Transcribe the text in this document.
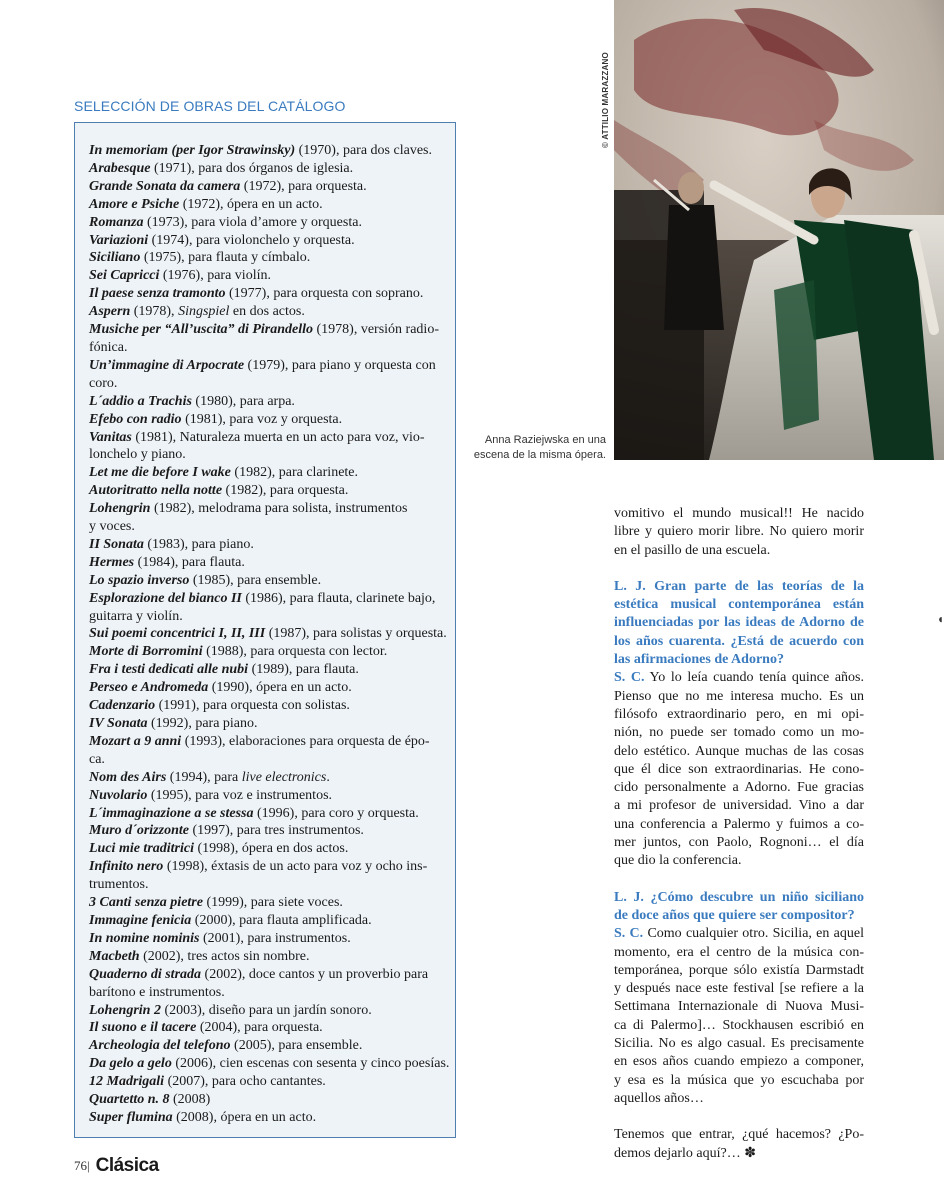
SELECCIÓN DE OBRAS DEL CATÁLOGO
In memoriam (per Igor Strawinsky) (1970), para dos claves.
Arabesque (1971), para dos órganos de iglesia.
Grande Sonata da camera (1972), para orquesta.
Amore e Psiche (1972), ópera en un acto.
Romanza (1973), para viola d’amore y orquesta.
Variazioni (1974), para violonchelo y orquesta.
Siciliano (1975), para flauta y címbalo.
Sei Capricci (1976), para violín.
Il paese senza tramonto (1977), para orquesta con soprano.
Aspern (1978), Singspiel en dos actos.
Musiche per “All’uscita” di Pirandello (1978), versión radio-
fónica.
Un’immagine di Arpocrate (1979), para piano y orquesta con
coro.
L´addio a Trachis (1980), para arpa.
Efebo con radio (1981), para voz y orquesta.
Vanitas (1981), Naturaleza muerta en un acto para voz, vio-
lonchelo y piano.
Let me die before I wake (1982), para clarinete.
Autoritratto nella notte (1982), para orquesta.
Lohengrin (1982), melodrama para solista, instrumentos
y voces.
II Sonata (1983), para piano.
Hermes (1984), para flauta.
Lo spazio inverso (1985), para ensemble.
Esplorazione del bianco II (1986), para flauta, clarinete bajo,
guitarra y violín.
Sui poemi concentrici I, II, III (1987), para solistas y orquesta.
Morte di Borromini (1988), para orquesta con lector.
Fra i testi dedicati alle nubi (1989), para flauta.
Perseo e Andromeda (1990), ópera en un acto.
Cadenzario (1991), para orquesta con solistas.
IV Sonata (1992), para piano.
Mozart a 9 anni (1993), elaboraciones para orquesta de épo-
ca.
Nom des Airs (1994), para live electronics.
Nuvolario (1995), para voz e instrumentos.
L´immaginazione a se stessa (1996), para coro y orquesta.
Muro d´orizzonte (1997), para tres instrumentos.
Luci mie traditrici (1998), ópera en dos actos.
Infinito nero (1998), éxtasis de un acto para voz y ocho ins-
trumentos.
3 Canti senza pietre (1999), para siete voces.
Immagine fenicia (2000), para flauta amplificada.
In nomine nominis (2001), para instrumentos.
Macbeth (2002), tres actos sin nombre.
Quaderno di strada (2002), doce cantos y un proverbio para
barítono e instrumentos.
Lohengrin 2 (2003), diseño para un jardín sonoro.
Il suono e il tacere (2004), para orquesta.
Archeologia del telefono (2005), para ensemble.
Da gelo a gelo (2006), cien escenas con sesenta y cinco poesías.
12 Madrigali (2007), para ocho cantantes.
Quartetto n. 8 (2008)
Super flumina (2008), ópera en un acto.
© ATTILIO MARAZZANO
Anna Raziejwska en una
escena de la misma ópera.
vomitivo el mundo musical!! He nacido
libre y quiero morir libre. No quiero morir
en el pasillo de una escuela.
L. J. Gran parte de las teorías de la
estética musical contemporánea están
influenciadas por las ideas de Adorno de
los años cuarenta. ¿Está de acuerdo con
las afirmaciones de Adorno?
S. C. Yo lo leía cuando tenía quince años.
Pienso que no me interesa mucho. Es un
filósofo extraordinario pero, en mi opi-
nión, no puede ser tomado como un mo-
delo estético. Aunque muchas de las cosas
que él dice son extraordinarias. He cono-
cido personalmente a Adorno. Fue gracias
a mi profesor de universidad. Vino a dar
una conferencia a Palermo y fuimos a co-
mer juntos, con Paolo, Rognoni… el día
que dio la conferencia.
L. J. ¿Cómo descubre un niño siciliano
de doce años que quiere ser compositor?
S. C. Como cualquier otro. Sicilia, en aquel
momento, era el centro de la música con-
temporánea, porque sólo existía Darmstadt
y después nace este festival [se refiere a la
Settimana Internazionale di Nuova Musi-
ca di Palermo]… Stockhausen escribió en
Sicilia. No es algo casual. Es precisamente
en esos años cuando empiezo a componer,
y esa es la música que yo escuchaba por
aquellos años…
Tenemos que entrar, ¿qué hacemos? ¿Po-
demos dejarlo aquí?… ✽
76| Clásica
◖
